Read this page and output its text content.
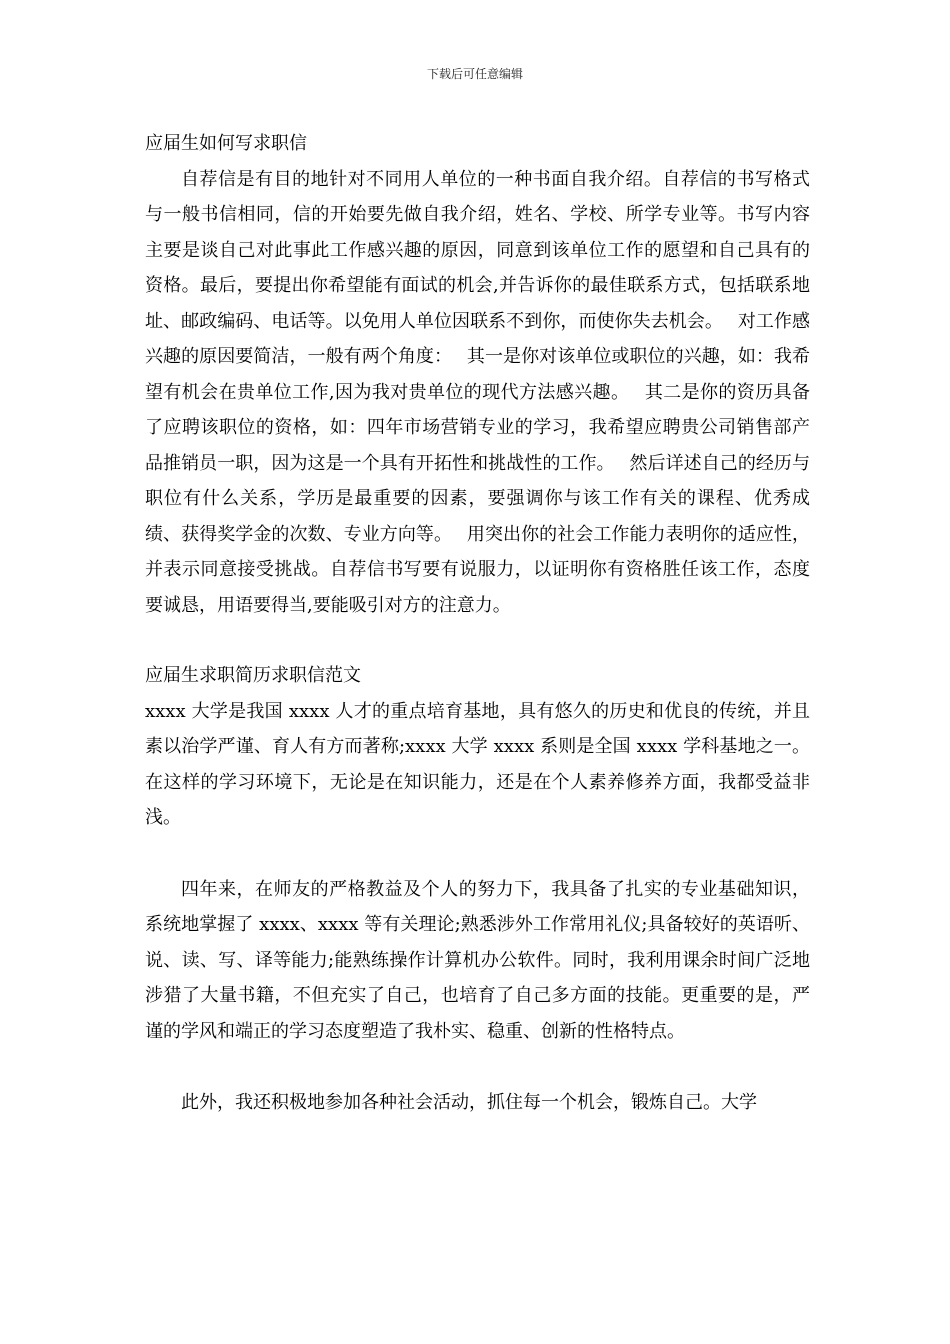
下载后可任意编辑

应届生如何写求职信

自荐信是有目的地针对不同用人单位的一种书面自我介绍。自荐信的书写格式与一般书信相同，信的开始要先做自我介绍，姓名、学校、所学专业等。书写内容主要是谈自己对此事此工作感兴趣的原因，同意到该单位工作的愿望和自己具有的资格。最后，要提出你希望能有面试的机会,并告诉你的最佳联系方式，包括联系地址、邮政编码、电话等。以免用人单位因联系不到你，而使你失去机会。　 对工作感兴趣的原因要简洁，一般有两个角度：　 其一是你对该单位或职位的兴趣，如：我希望有机会在贵单位工作,因为我对贵单位的现代方法感兴趣。　 其二是你的资历具备了应聘该职位的资格，如：四年市场营销专业的学习，我希望应聘贵公司销售部产品推销员一职，因为这是一个具有开拓性和挑战性的工作。　 然后详述自己的经历与职位有什么关系，学历是最重要的因素，要强调你与该工作有关的课程、优秀成绩、获得奖学金的次数、专业方向等。　 用突出你的社会工作能力表明你的适应性，并表示同意接受挑战。自荐信书写要有说服力，以证明你有资格胜任该工作，态度要诚恳，用语要得当,要能吸引对方的注意力。

应届生求职简历求职信范文

xxxx 大学是我国 xxxx 人才的重点培育基地，具有悠久的历史和优良的传统，并且素以治学严谨、育人有方而著称;xxxx 大学 xxxx 系则是全国 xxxx 学科基地之一。在这样的学习环境下，无论是在知识能力，还是在个人素养修养方面，我都受益非浅。

四年来，在师友的严格教益及个人的努力下，我具备了扎实的专业基础知识，系统地掌握了 xxxx、xxxx 等有关理论;熟悉涉外工作常用礼仪;具备较好的英语听、说、读、写、译等能力;能熟练操作计算机办公软件。同时，我利用课余时间广泛地涉猎了大量书籍，不但充实了自己，也培育了自己多方面的技能。更重要的是，严谨的学风和端正的学习态度塑造了我朴实、稳重、创新的性格特点。

此外，我还积极地参加各种社会活动，抓住每一个机会，锻炼自己。大学
